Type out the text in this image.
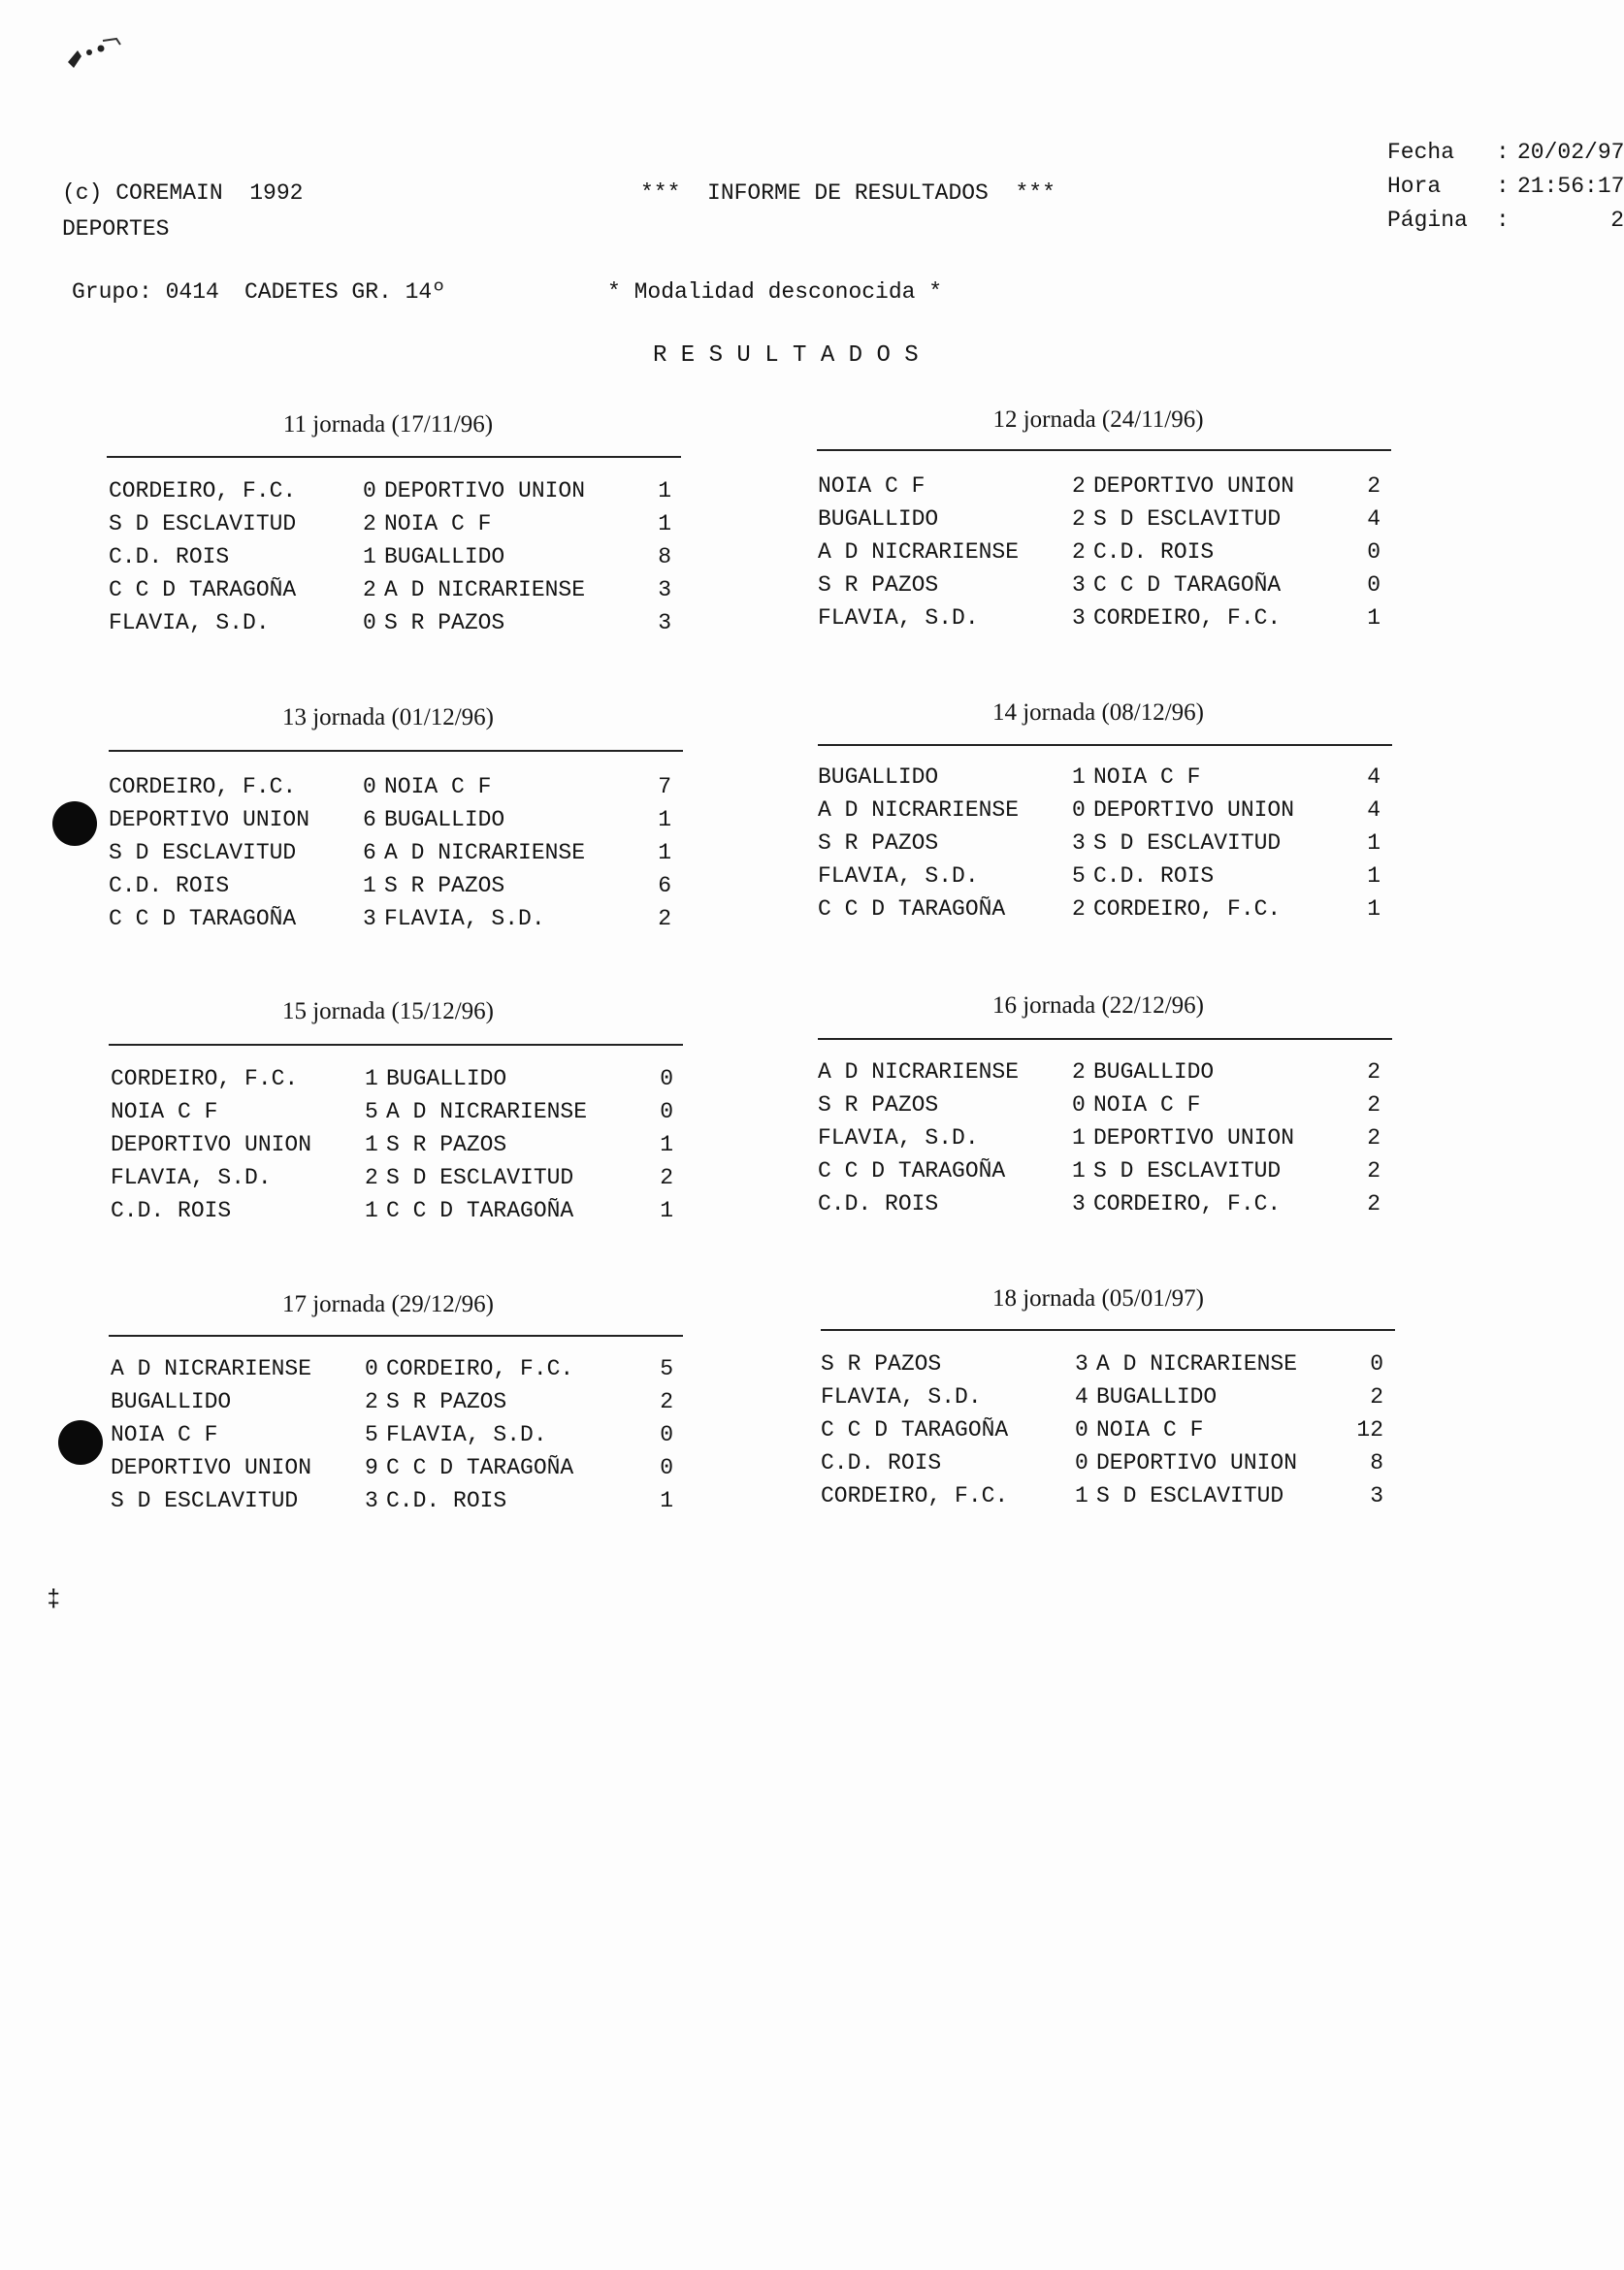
(c) COREMAIN  1992
DEPORTES
***  INFORME DE RESULTADOS  ***
Fecha : 20/02/97
Hora : 21:56:17
Página :	2
Grupo: 0414 CADETES GR. 14º	* Modalidad desconocida *
R E S U L T A D O S
11 jornada (17/11/96)
CORDEIRO, F.C.	0 DEPORTIVO UNION	1
S D ESCLAVITUD	2 NOIA C F	1
C.D. ROIS	1 BUGALLIDO	8
C C D TARAGOÑA	2 A D NICRARIENSE	3
FLAVIA, S.D.	0 S R PAZOS	3
12 jornada (24/11/96)
NOIA C F	2 DEPORTIVO UNION	2
BUGALLIDO	2 S D ESCLAVITUD	4
A D NICRARIENSE 2 C.D. ROIS	0
S R PAZOS	3 C C D TARAGOÑA	0
FLAVIA, S.D.	3 CORDEIRO, F.C.	1
13 jornada (01/12/96)
CORDEIRO, F.C.	0 NOIA C F	7
DEPORTIVO UNION 6 BUGALLIDO	1
S D ESCLAVITUD	6 A D NICRARIENSE	1
C.D. ROIS	1 S R PAZOS	6
C C D TARAGOÑA	3 FLAVIA, S.D.	2
14 jornada (08/12/96)
BUGALLIDO	1 NOIA C F	4
A D NICRARIENSE 0 DEPORTIVO UNION	4
S R PAZOS	3 S D ESCLAVITUD	1
FLAVIA, S.D.	5 C.D. ROIS	1
C C D TARAGOÑA	2 CORDEIRO, F.C.	1
15 jornada (15/12/96)
CORDEIRO, F.C.	1 BUGALLIDO	0
NOIA C F	5 A D NICRARIENSE	0
DEPORTIVO UNION 1 S R PAZOS	1
FLAVIA, S.D.	2 S D ESCLAVITUD	2
C.D. ROIS	1 C C D TARAGOÑA	1
16 jornada (22/12/96)
A D NICRARIENSE 2 BUGALLIDO	2
S R PAZOS	0 NOIA C F	2
FLAVIA, S.D.	1 DEPORTIVO UNION	2
C C D TARAGOÑA	1 S D ESCLAVITUD	2
C.D. ROIS	3 CORDEIRO, F.C.	2
17 jornada (29/12/96)
A D NICRARIENSE 0 CORDEIRO, F.C.	5
BUGALLIDO	2 S R PAZOS	2
NOIA C F	5 FLAVIA, S.D.	0
DEPORTIVO UNION 9 C C D TARAGOÑA	0
S D ESCLAVITUD	3 C.D. ROIS	1
18 jornada (05/01/97)
S R PAZOS	3 A D NICRARIENSE	0
FLAVIA, S.D.	4 BUGALLIDO	2
C C D TARAGOÑA	0 NOIA C F	12
C.D. ROIS	0 DEPORTIVO UNION	8
CORDEIRO, F.C.	1 S D ESCLAVITUD	3
‡
